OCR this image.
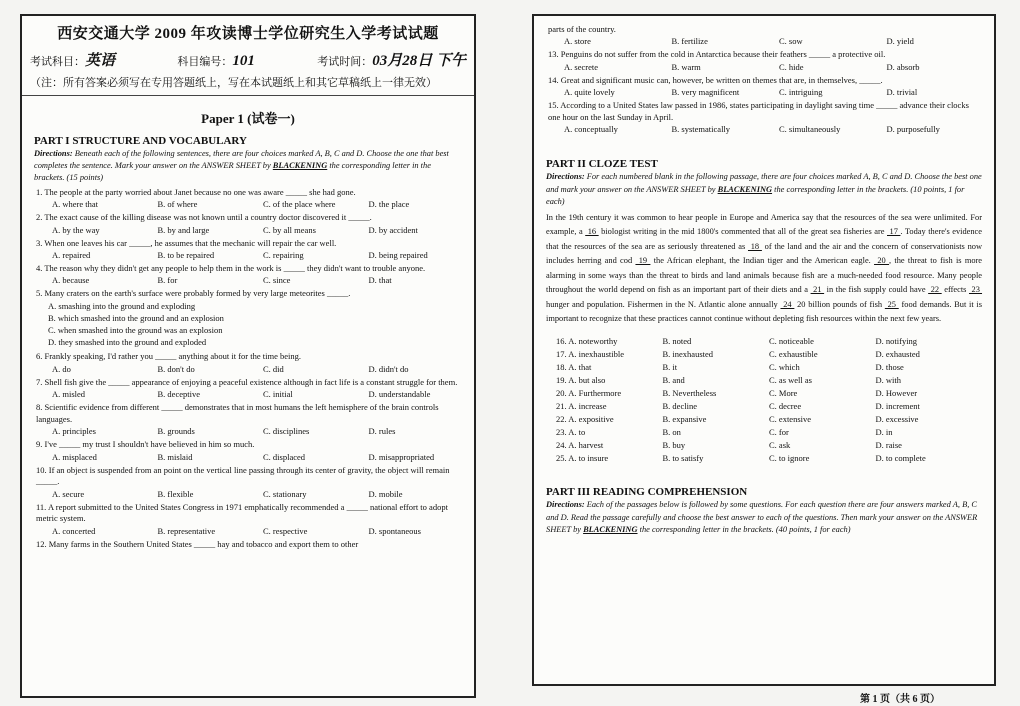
西安交通大学 2009 年攻读博士学位研究生入学考试试题
考试科目：英语	科目编号：101	考试时间：03月28日 下午
（注：所有答案必须写在专用答题纸上，写在本试题纸上和其它草稿纸上一律无效）
Paper 1 (试卷一)
PART I STRUCTURE AND VOCABULARY
Directions: Beneath each of the following sentences, there are four choices marked A, B, C and D. Choose the one that best completes the sentence. Mark your answer on the ANSWER SHEET by BLACKENING the corresponding letter in the brackets. (15 points)
1. The people at the party worried about Janet because no one was aware _____ she had gone.
A. where that	B. of where	C. of the place where	D. the place
2. The exact cause of the killing disease was not known until a country doctor discovered it _____.
A. by the way	B. by and large	C. by all means	D. by accident
3. When one leaves his car _____, he assumes that the mechanic will repair the car well.
A. repaired	B. to be repaired	C. repairing	D. being repaired
4. The reason why they didn't get any people to help them in the work is _____ they didn't want to trouble anyone.
A. because	B. for	C. since	D. that
5. Many craters on the earth's surface were probably formed by very large meteorites _____.
A. smashing into the ground and exploding
B. which smashed into the ground and an explosion
C. when smashed into the ground was an explosion
D. they smashed into the ground and exploded
6. Frankly speaking, I'd rather you _____ anything about it for the time being.
A. do	B. don't do	C. did	D. didn't do
7. Shell fish give the _____ appearance of enjoying a peaceful existence although in fact life is a constant struggle for them.
A. misled	B. deceptive	C. initial	D. understandable
8. Scientific evidence from different _____ demonstrates that in most humans the left hemisphere of the brain controls languages.
A. principles	B. grounds	C. disciplines	D. rules
9. I've _____ my trust I shouldn't have believed in him so much.
A. misplaced	B. mislaid	C. displaced	D. misappropriated
10. If an object is suspended from an point on the vertical line passing through its center of gravity, the object will remain _____.
A. secure	B. flexible	C. stationary	D. mobile
11. A report submitted to the United States Congress in 1971 emphatically recommended a _____ national effort to adopt metric system.
A. concerted	B. representative	C. respective	D. spontaneous
12. Many farms in the Southern United States _____ hay and tobacco and export them to other
parts of the country.
A. store	B. fertilize	C. sow	D. yield
13. Penguins do not suffer from the cold in Antarctica because their feathers _____ a protective oil.
A. secrete	B. warm	C. hide	D. absorb
14. Great and significant music can, however, be written on themes that are, in themselves, _____.
A. quite lovely	B. very magnificent	C. intriguing	D. trivial
15. According to a United States law passed in 1986, states participating in daylight saving time _____ advance their clocks one hour on the last Sunday in April.
A. conceptually	B. systematically	C. simultaneously	D. purposefully
PART II CLOZE TEST
Directions: For each numbered blank in the following passage, there are four choices marked A, B, C and D. Choose the best one and mark your answer on the ANSWER SHEET by BLACKENING the corresponding letter in the brackets. (10 points, 1 for each)
In the 19th century it was common to hear people in Europe and America say that the resources of the sea were unlimited. For example, a  16  biologist writing in the mid 1800's commented that all of the great sea fisheries are  17 . Today there's evidence that the resources of the sea are as seriously threatened as  18  of the land and the air and the concern of conservationists now includes herring and cod  19  the African elephant, the Indian tiger and the American eagle.  20 , the threat to fish is more alarming in some ways than the threat to birds and land animals because fish are a much-needed food resource. Many people throughout the world depend on fish as an important part of their diets and a  21  in the fish supply could have  22  effects  23  hunger and population. Fishermen in the N. Atlantic alone annually  24  20 billion pounds of fish  25  food demands. But it is important to recognize that these practices cannot continue without depleting fish resources within the next few years.
16. A. noteworthy	B. noted	C. noticeable	D. notifying
17. A. inexhaustible	B. inexhausted	C. exhaustible	D. exhausted
18. A. that	B. it	C. which	D. those
19. A. but also	B. and	C. as well as	D. with
20. A. Furthermore	B. Nevertheless	C. More	D. However
21. A. increase	B. decline	C. decree	D. increment
22. A. expositive	B. expansive	C. extensive	D. excessive
23. A. to	B. on	C. for	D. in
24. A. harvest	B. buy	C. ask	D. raise
25. A. to insure	B. to satisfy	C. to ignore	D. to complete
PART III READING COMPREHENSION
Directions: Each of the passages below is followed by some questions. For each question there are four answers marked A, B, C and D. Read the passage carefully and choose the best answer to each of the questions. Then mark your answer on the ANSWER SHEET by BLACKENING the corresponding letter in the brackets. (40 points, 1 for each)
第 1 页（共 6 页）
